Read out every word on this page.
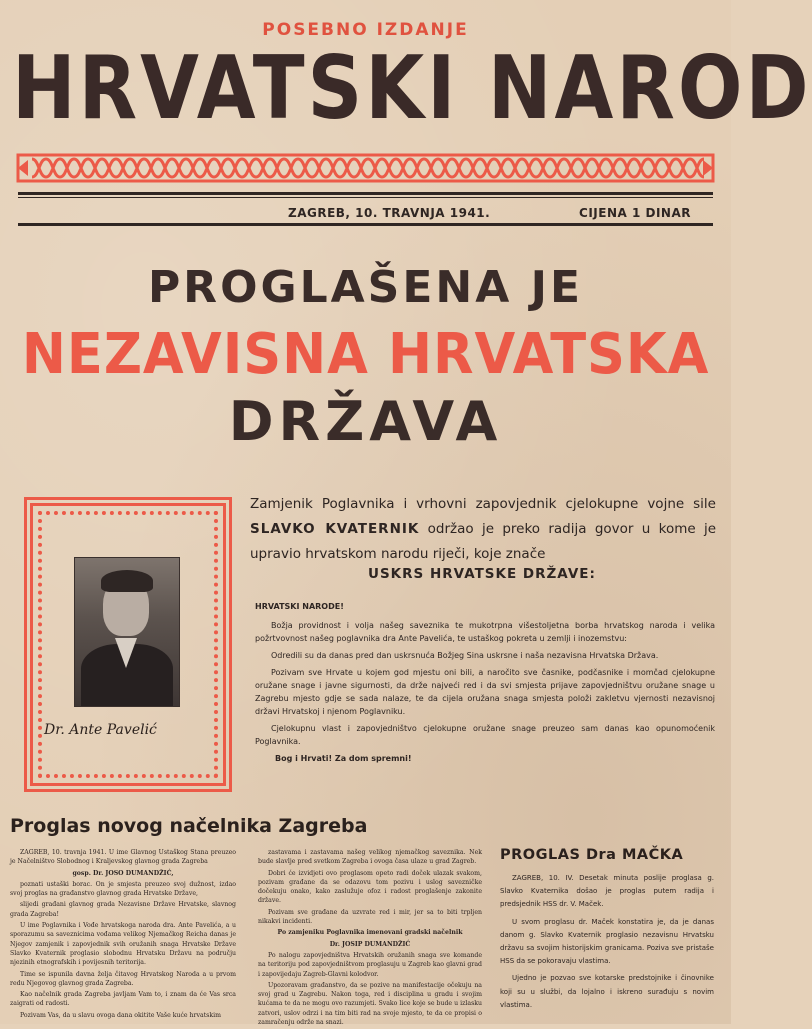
POSEBNO IZDANJE
HRVATSKI NAROD
ZAGREB, 10. TRAVNJA 1941.	CIJENA 1 DINAR
PROGLAŠENA JE
NEZAVISNA HRVATSKA
DRŽAVA
Dr. Ante Pavelić

Zamjenik Poglavnika i vrhovni zapovjednik cjelokupne vojne sile SLAVKO KVATERNIK održao je preko radija govor u kome je upravio hrvatskom narodu riječi, koje znače

USKRS HRVATSKE DRŽAVE:

HRVATSKI NARODE!

Božja providnost i volja našeg saveznika te mukotrpna višestoljetna borba hrvatskog naroda i velika požrtvovnost našeg poglavnika dra Ante Pavelića, te ustaškog pokreta u zemlji i inozemstvu:

Odredili su da danas pred dan uskrsnuća Božjeg Sina uskrsne i naša nezavisna Hrvatska Država.

Pozivam sve Hrvate u kojem god mjestu oni bili, a naročito sve časnike, podčasnike i momčad cjelokupne oružane snage i javne sigurnosti, da drže najveći red i da svi smjesta prijave zapovjedništvu oružane snage u Zagrebu mjesto gdje se sada nalaze, te da cijela oružana snaga smjesta položi zakletvu vjernosti nezavisnoj državi Hrvatskoj i njenom Poglavniku.

Cjelokupnu vlast i zapovjedništvo cjelokupne oružane snage preuzeo sam danas kao opunomoćenik Poglavnika.

Bog i Hrvati! Za dom spremni!

Proglas novog načelnika Zagreba

ZAGREB, 10. travnja 1941. U ime Glavnog Ustaškog Stana preuzeo je Načelništvo Slobodnog i Kraljevskog glavnog grada Zagreba

gosp. Dr. JOSO DUMANDŽIĆ,

poznati ustaški borac. On je smjesta preuzeo svoj dužnost, izdao svoj proglas na građanstvo glavnog grada Hrvatske Države,

slijedi građani glavnog grada Nezavisne Države Hrvatske, slavnog grada Zagreba!

U ime Poglavnika i Vođe hrvatskoga naroda dra. Ante Pavelića, a u sporazumu sa saveznicima vođama velikog Njemačkog Reicha danas je Njegov zamjenik i zapovjednik svih oružanih snaga Hrvatske Države Slavko Kvaternik proglasio slobodnu Hrvatsku Državu na području njezinih etnografskih i povijesnih teritorija.

Time se ispunila davna želja čitavog Hrvatskog Naroda a u prvom redu Njegovog glavnog grada Zagreba.

Kao načelnik grada Zagreba javljam Vam to, i znam da će Vas srca zaigrati od radosti.

Pozivam Vas, da u slavu ovoga dana okitite Vaše kuće hrvatskim

zastavama i zastavama našeg velikog njemačkog saveznika. Nek bude slavlje pred svetkom Zagreba i ovoga časa ulaze u grad Zagreb.

Dobri će izvidjeti ovo proglasom opeto radi doček ulazak svakom, pozivam građane da se odazovu tom pozivu i uslog savezničke dočekuju onako, kako zaslužuje ofoz i radost proglašenje zakonite države.

Pozivam sve građane da uzvrate red i mir, jer sa to biti trpljen nikakvi incidenti.

Po zamjeniku Poglavnika imenovani gradski načelnik

Dr. JOSIP DUMANDŽIĆ

Po nalogu zapovjedništva Hrvatskih oružanih snaga sve komande na teritoriju pod zapovjedništvom proglasuju u Zagreb kao glavni grad i zapovijedaju Zagreb-Glavni kolodvor.

Upozoravam građanstvo, da se pozive na manifestacije očekuju na svoj grad u Zagrebu. Nakon toga, red i disciplina u gradu i svojim kućama te da ne mogu ovo razumjeti. Svako lice koje se bude u izlasku zatvori, uslov odrzi i na tim biti rad na svoje mjesto, te da ce propisi o zamračenju održe na snazi.

PROGLAS Dra MAČKA

ZAGREB, 10. IV. Desetak minuta poslije proglasa g. Slavko Kvaternika došao je proglas putem radija i predsjednik HSS dr. V. Maček.

U svom proglasu dr. Maček konstatira je, da je danas danom g. Slavko Kvaternik proglasio nezavisnu Hrvatsku državu sa svojim historijskim granicama. Poziva sve pristaše HSS da se pokoravaju vlastima.

Ujedno je pozvao sve kotarske predstojnike i činovnike koji su u službi, da lojalno i iskreno surađuju s novim vlastima.
